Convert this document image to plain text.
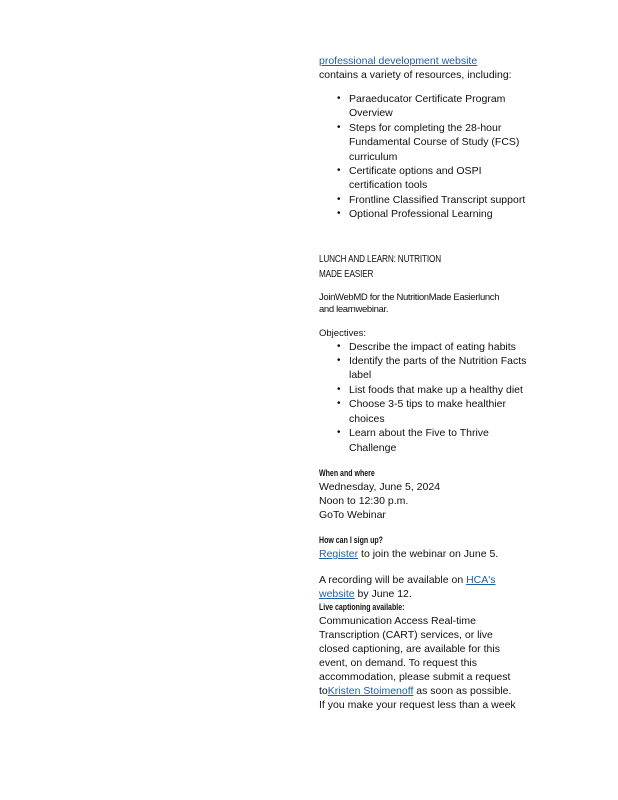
professional development website
contains a variety of resources, including:
• Paraeducator Certificate Program Overview
• Steps for completing the 28-hour Fundamental Course of Study (FCS) curriculum
• Certificate options and OSPI certification tools
• Frontline Classified Transcript support
• Optional Professional Learning
LUNCH AND LEARN: NUTRITION
MADE EASIER
JoinWebMD for the NutritionMade Easierlunch
and learnwebinar.
Objectives:
• Describe the impact of eating habits
• Identify the parts of the Nutrition Facts label
• List foods that make up a healthy diet
• Choose 3-5 tips to make healthier choices
• Learn about the Five to Thrive Challenge
When and where
Wednesday, June 5, 2024
Noon to 12:30 p.m.
GoTo Webinar
How can I sign up?
Register to join the webinar on June 5.
A recording will be available on HCA's
website by June 12.
Live captioning available:
Communication Access Real-time
Transcription (CART) services, or live
closed captioning, are available for this
event, on demand. To request this
accommodation, please submit a request
toKristen Stoimenoff as soon as possible.
If you make your request less than a week
